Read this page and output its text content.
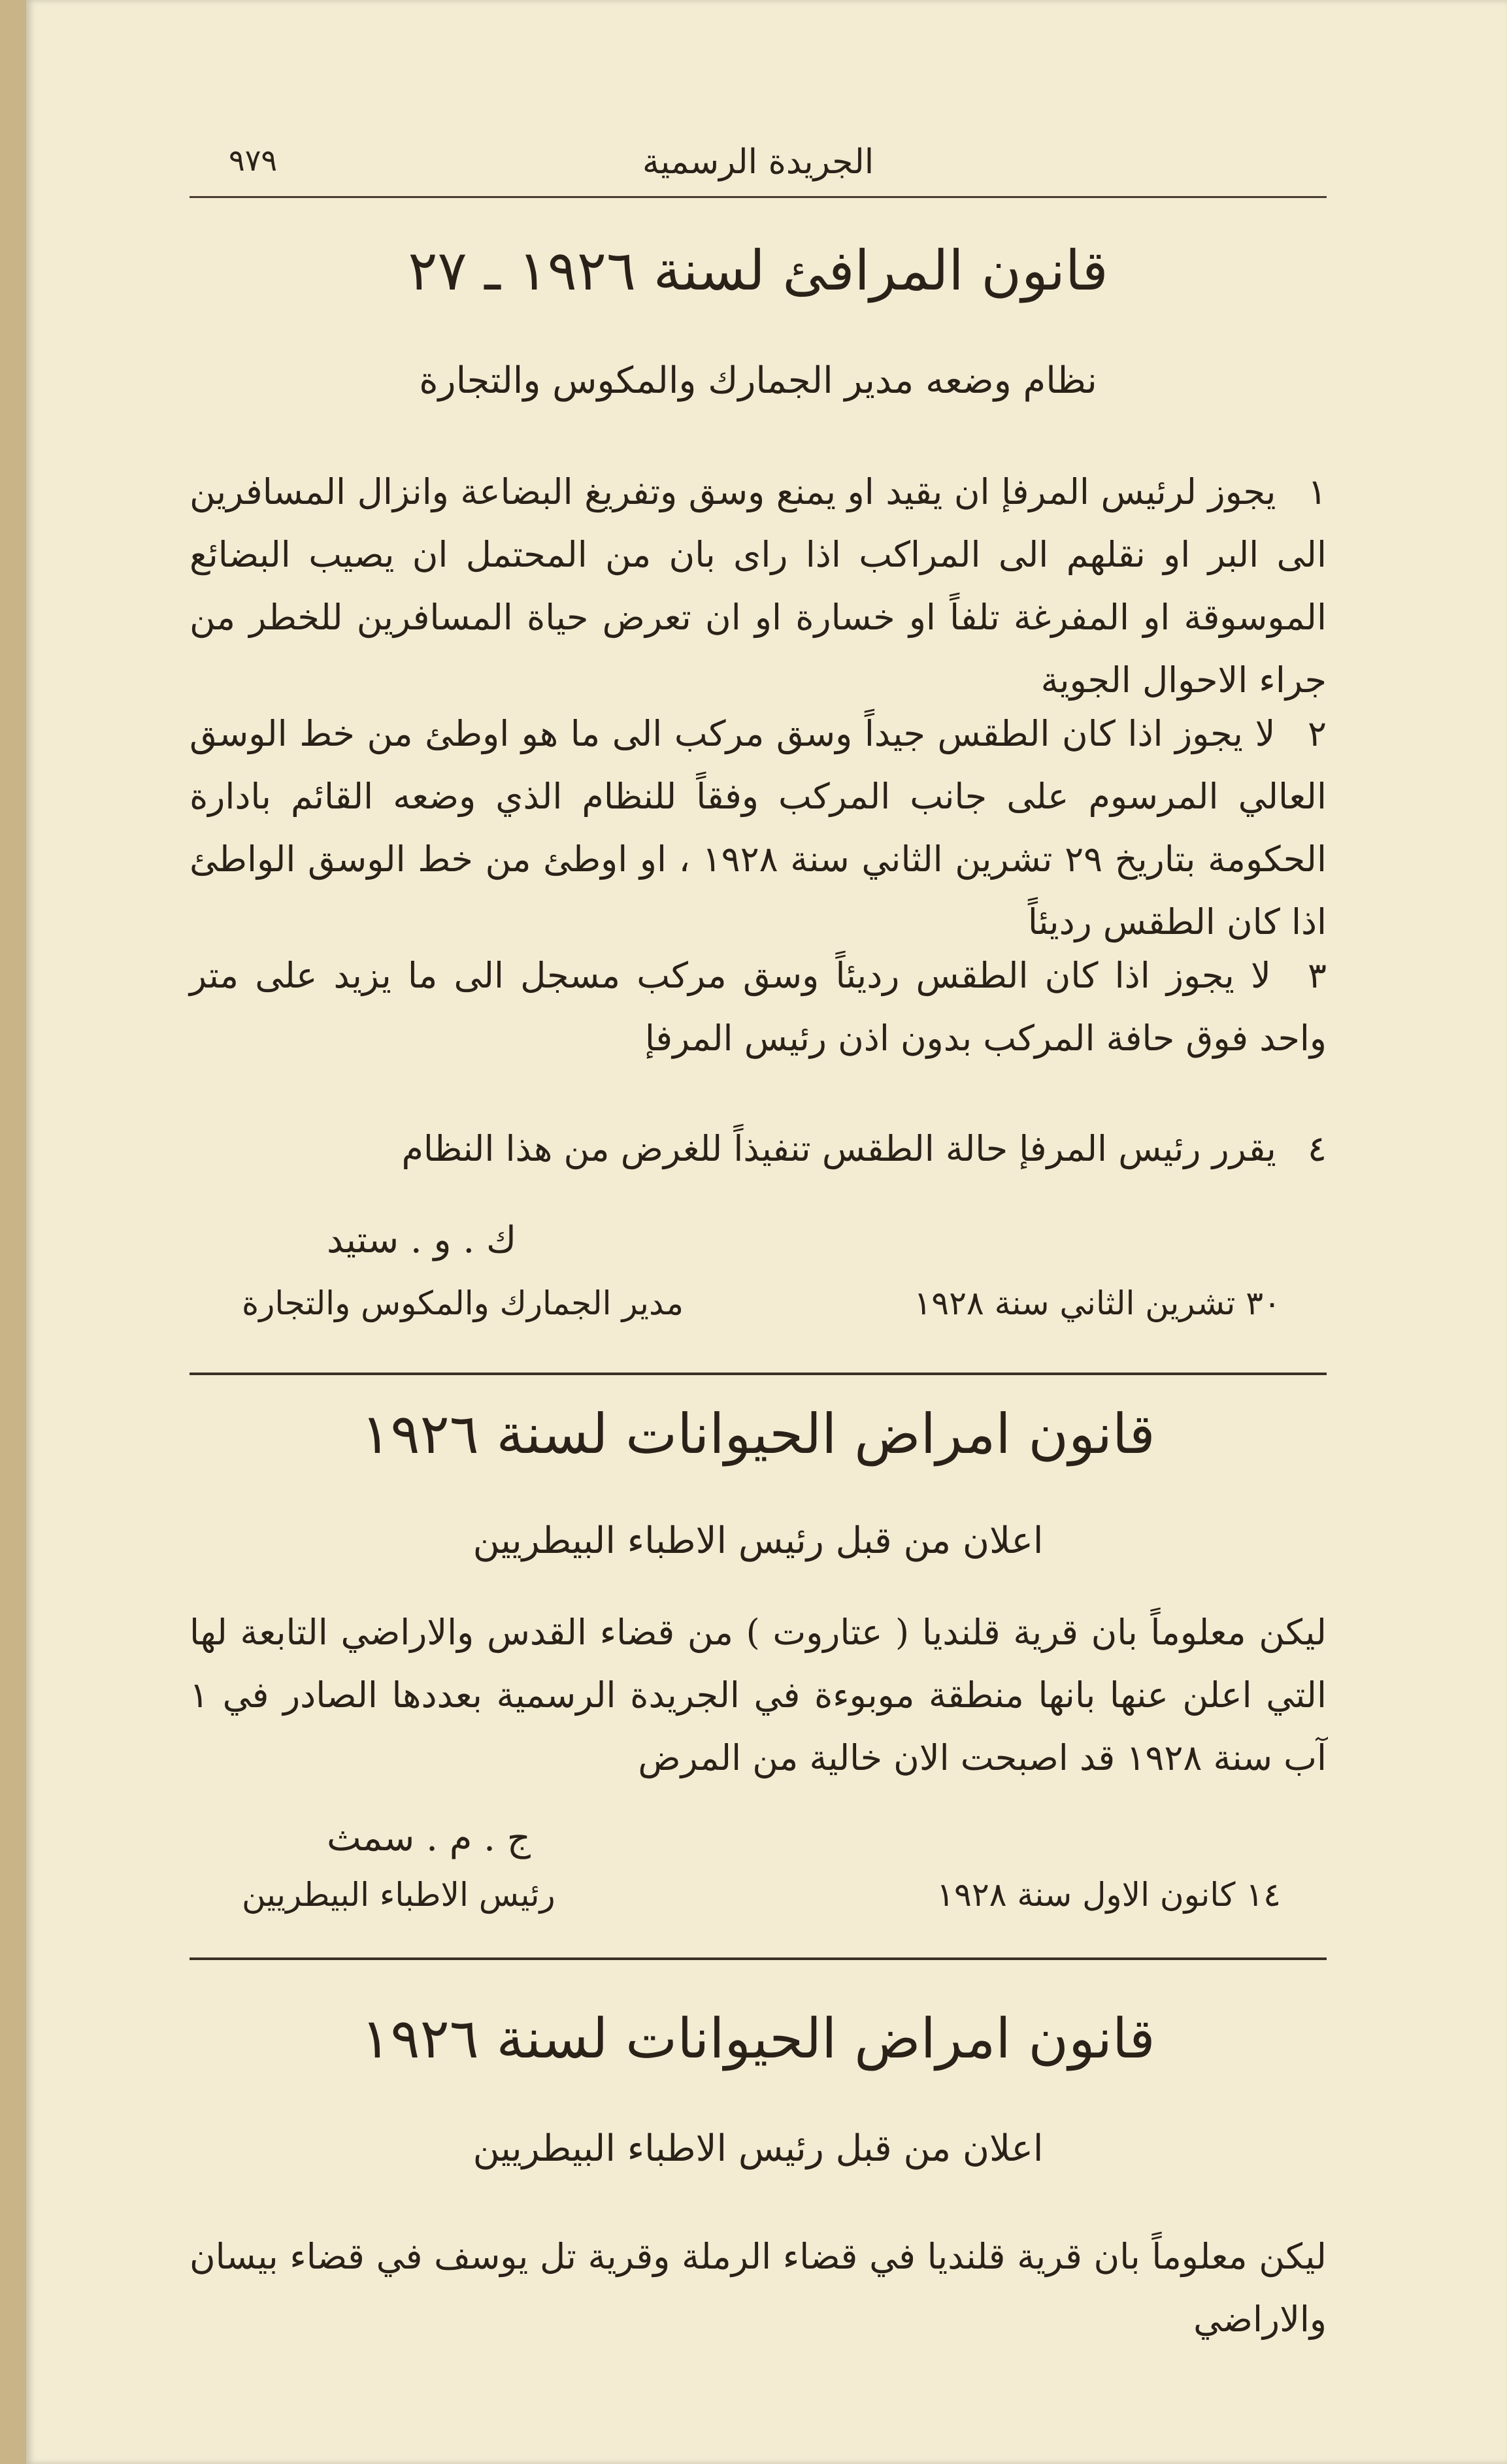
الجريدة الرسمية
٩٧٩
قانون المرافئ لسنة ١٩٢٦ ـ ٢٧
نظام وضعه مدير الجمارك والمكوس والتجارة
١ يجوز لرئيس المرفإ ان يقيد او يمنع وسق وتفريغ البضاعة وانزال المسافرين الى البر او نقلهم الى المراكب اذا راى بان من المحتمل ان يصيب البضائع الموسوقة او المفرغة تلفاً او خسارة او ان تعرض حياة المسافرين للخطر من جراء الاحوال الجوية
٢ لا يجوز اذا كان الطقس جيداً وسق مركب الى ما هو اوطئ من خط الوسق العالي المرسوم على جانب المركب وفقاً للنظام الذي وضعه القائم بادارة الحكومة بتاريخ ٢٩ تشرين الثاني سنة ١٩٢٨ ، او اوطئ من خط الوسق الواطئ اذا كان الطقس رديئاً
٣ لا يجوز اذا كان الطقس رديئاً وسق مركب مسجل الى ما يزيد على متر واحد فوق حافة المركب بدون اذن رئيس المرفإ
٤ يقرر رئيس المرفإ حالة الطقس تنفيذاً للغرض من هذا النظام
ك . و . ستيد
مدير الجمارك والمكوس والتجارة	٣٠ تشرين الثاني سنة ١٩٢٨
قانون امراض الحيوانات لسنة ١٩٢٦
اعلان من قبل رئيس الاطباء البيطريين
ليكن معلوماً بان قرية قلنديا ( عتاروت ) من قضاء القدس والاراضي التابعة لها التي اعلن عنها بانها منطقة موبوءة في الجريدة الرسمية بعددها الصادر في ١ آب سنة ١٩٢٨ قد اصبحت الان خالية من المرض
ج . م . سمث
رئيس الاطباء البيطريين	١٤ كانون الاول سنة ١٩٢٨
قانون امراض الحيوانات لسنة ١٩٢٦
اعلان من قبل رئيس الاطباء البيطريين
ليكن معلوماً بان قرية قلنديا في قضاء الرملة وقرية تل يوسف في قضاء بيسان والاراضي
